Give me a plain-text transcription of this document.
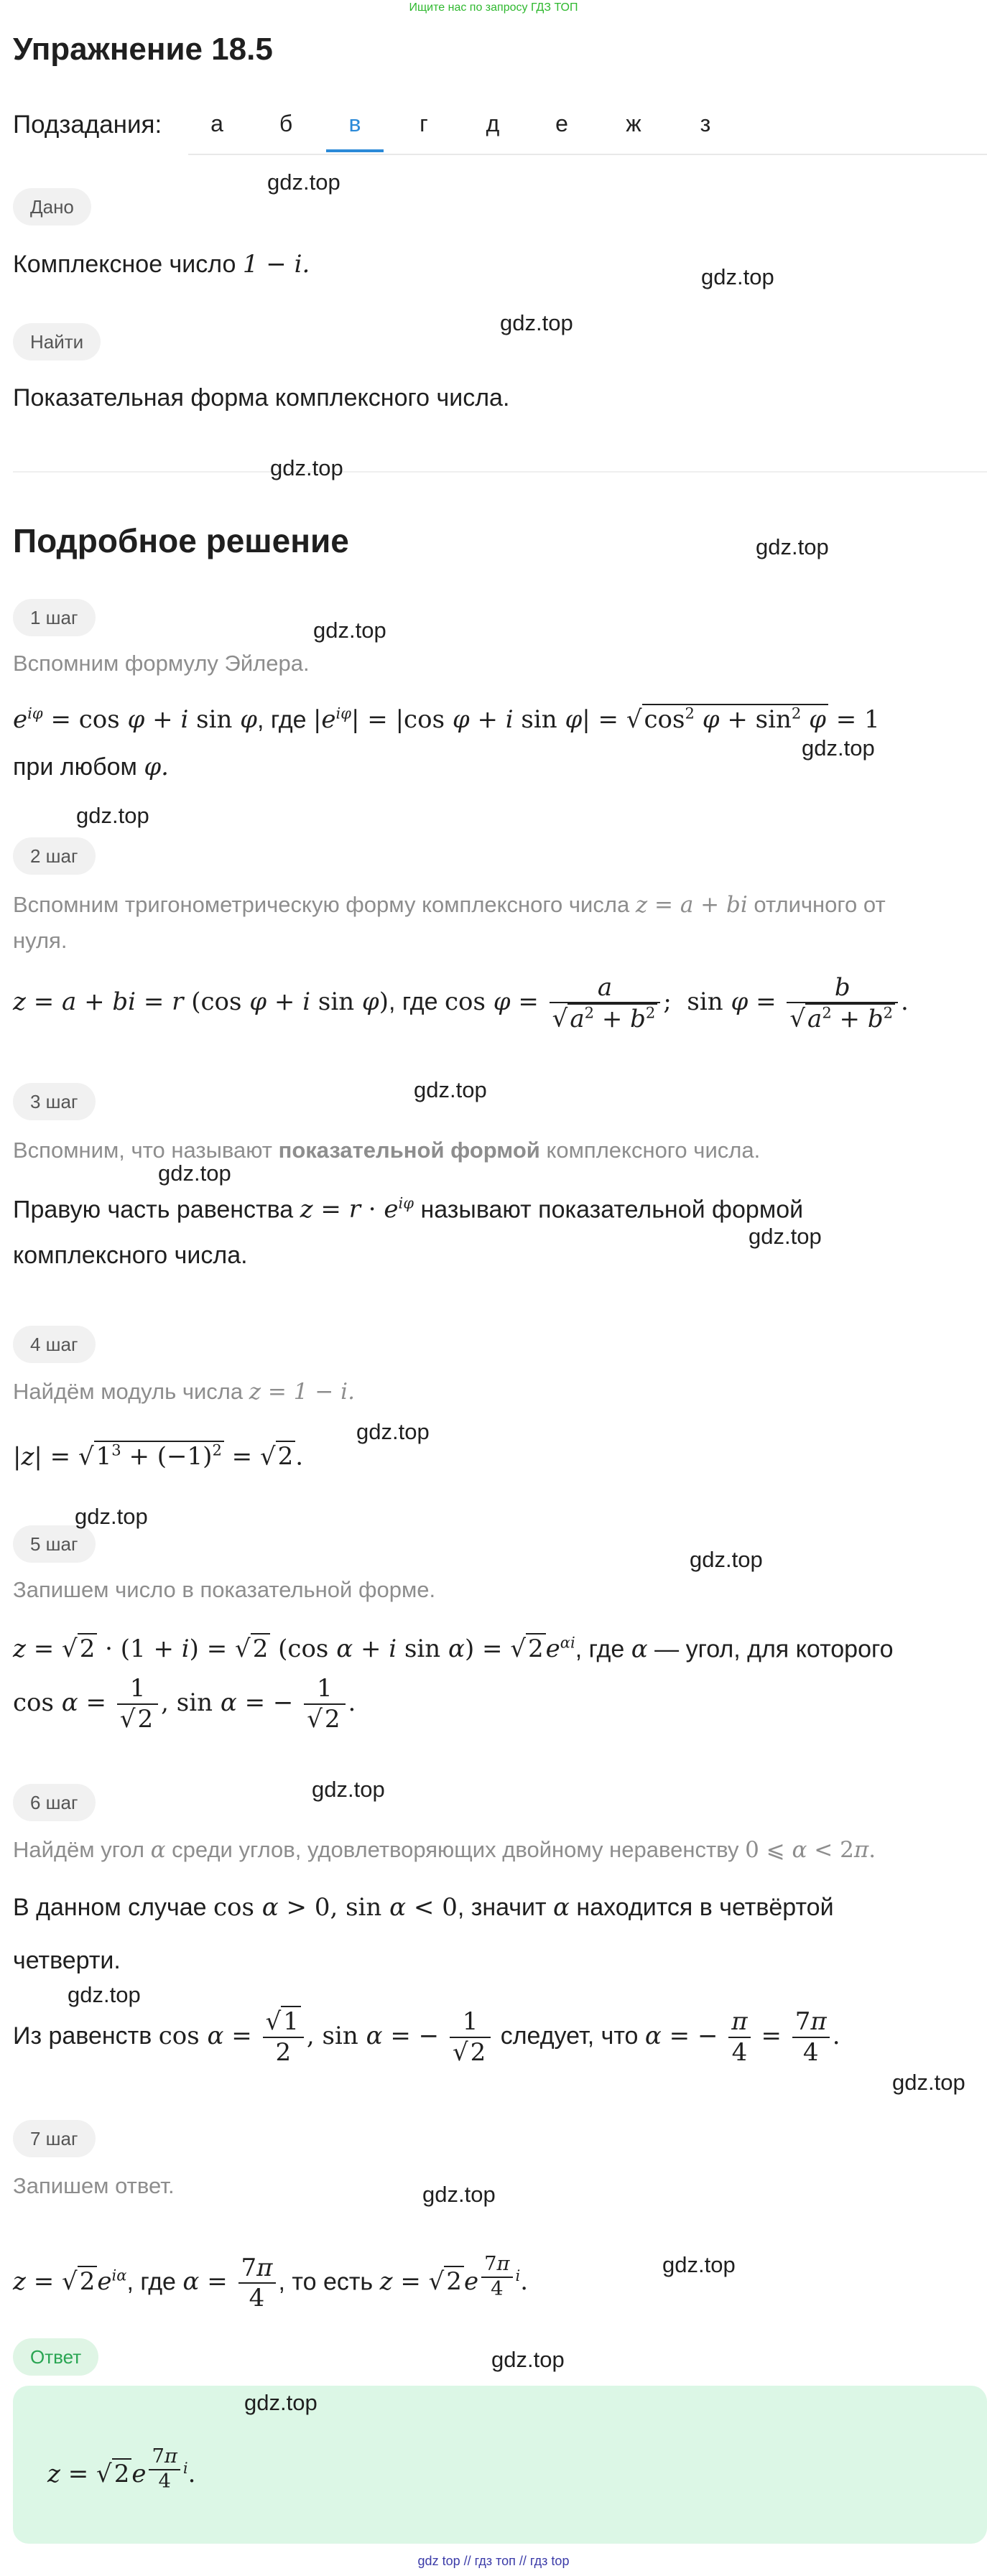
Ищите нас по запросу ГДЗ ТОП
Упражнение 18.5
Подзадания:	а	б	в	г	д	е	ж	з
Дано
Комплексное число 1 − i.
Найти
Показательная форма комплексного числа.
Подробное решение
1 шаг
Вспомним формулу Эйлера.
$e^{i\varphi} = \cos \varphi + i$ sin φ, где $|e^{i\varphi}| = |\cos$ φ + i $\sin \varphi| = √\cos^2$ $\varphi + \sin^2 \varphi = 1$
при любом φ.
2 шаг
Вспомним тригонометрическую форму комплексного числа z = a + bi отличного от
нуля.
z = a + bi = r (cos φ + i sin φ), где $\cos \varphi = \frac{a}{√a^2 + b^2}$ ;  $\sin \varphi = \frac{b}{√a^2 + b^2}$ .
3 шаг
Вспомним, что называют показательной формой комплексного числа.
Правую часть равенства $z = r \cdot e^{i\varphi}$ называют показательной формой
комплексного числа.
4 шаг
Найдём модуль числа z = 1 − i.
$|z| = √1^3 + (-1)^2 = √2$.
5 шаг
Запишем число в показательной форме.
z = √2 · (1 + i) = √2 (cos α + i $\sin \alpha) = √2e^{\alpha i}$, где α — угол, для которого
$\cos \alpha = \frac{1}{√2}$ , sin α = − $\frac{1}{√2}$ .
6 шаг
Найдём угол α среди углов, удовлетворяющих двойному неравенству 0 ⩽ α < 2π.
В данном случае cos α > 0, sin α < 0, значит α находится в четвёртой
четверти.
Из равенств $\cos \alpha = \frac{√1}{2}$ , sin α = − $\frac{1}{√2}$ следует, что α = − $\frac{\pi}{4} = \frac{7\pi}{4}$ .
7 шаг
Запишем ответ.
$z = √2e^{i\alpha}$, где $\alpha = \frac{7\pi}{4}$ , то есть z = √2e $^{\frac{7\pi}{4} i}$.
Ответ
z = √2e $^{\frac{7\pi}{4} i}$.
gdz.top
gdz.top
gdz.top
gdz.top
gdz.top
gdz.top
gdz.top
gdz.top
gdz.top
gdz.top
gdz.top
gdz.top
gdz.top
gdz.top
gdz.top
gdz.top
gdz.top
gdz.top
gdz.top
gdz.top
gdz.top
gdz top // гдз топ // гдз top
